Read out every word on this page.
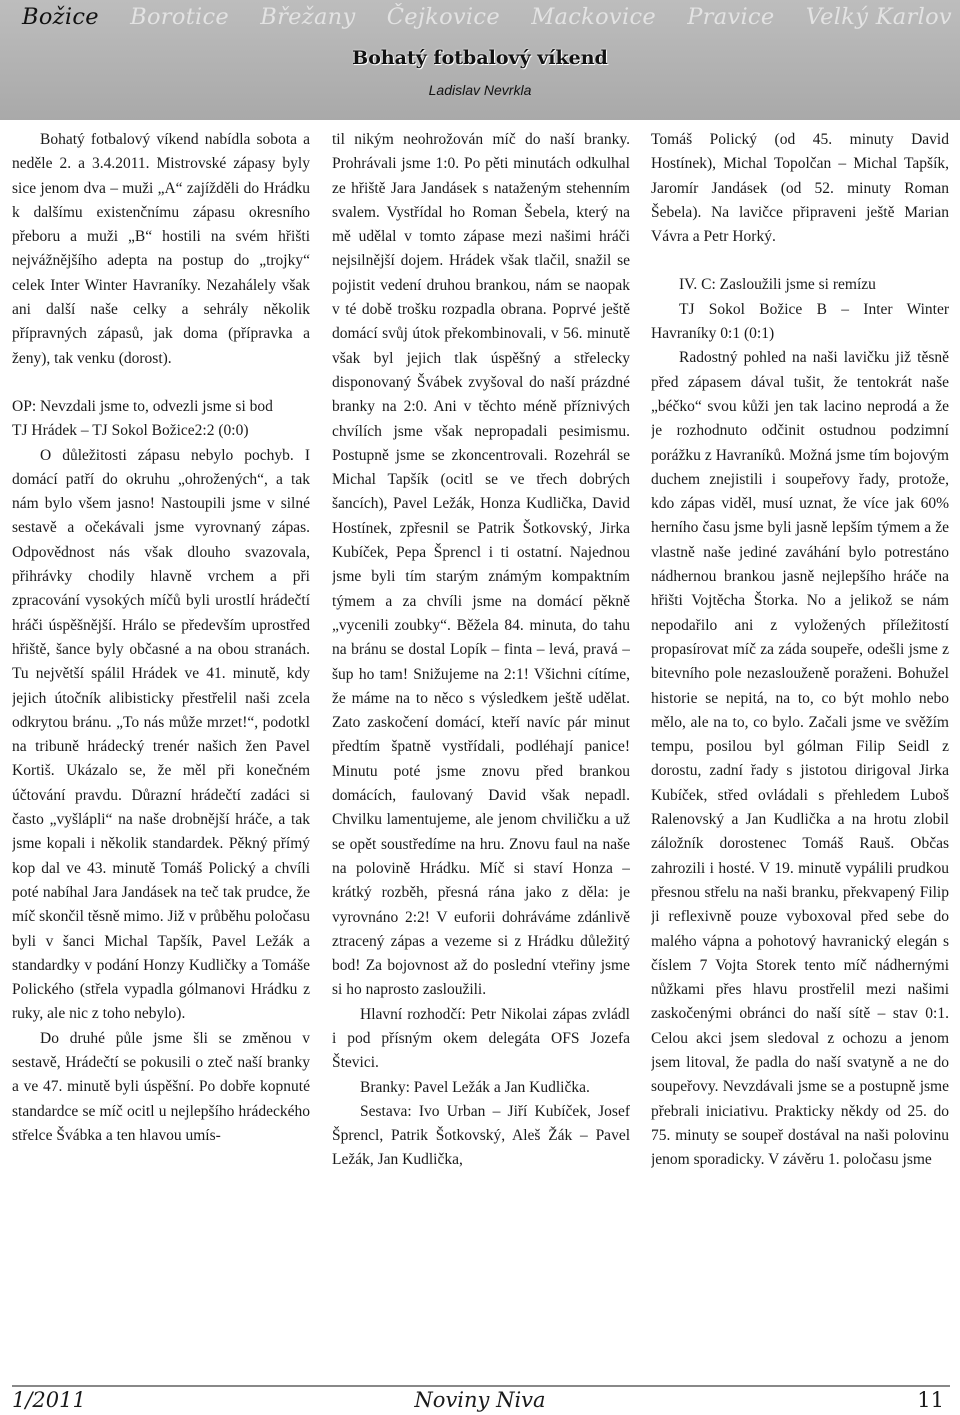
Božice Borotice Břežany Čejkovice Mackovice Pravice Velký Karlov
Bohatý fotbalový víkend
Ladislav Nevrkla

Bohatý fotbalový víkend nabídla sobota a neděle 2. a 3.4.2011. Mistrovské zápasy byly sice jenom dva – muži „A“ zajížděli do Hrádku k dalšímu existenčnímu zápasu okresního přeboru a muži „B“ hostili na svém hřišti nejvážnějšího adepta na postup do „trojky“ celek Inter Winter Havraníky. Nezahálely však ani další naše celky a sehrály několik přípravných zápasů, jak doma (přípravka a ženy), tak venku (dorost).

OP: Nevzdali jsme to, odvezli jsme si bod

TJ Hrádek – TJ Sokol Božice2:2 (0:0)

O důležitosti zápasu nebylo pochyb. I domácí patří do okruhu „ohrožených“, a tak nám bylo všem jasno! Nastoupili jsme v silné sestavě a očekávali jsme vyrovnaný zápas. Odpovědnost nás však dlouho svazovala, přihrávky chodily hlavně vrchem a při zpracování vysokých míčů byli urostlí hrádečtí hráči úspěšnější. Hrálo se především uprostřed hřiště, šance byly občasné a na obou stranách. Tu největší spálil Hrádek ve 41. minutě, kdy jejich útočník alibisticky přestřelil naši zcela odkrytou bránu. „To nás může mrzet!“, podotkl na tribuně hrádecký trenér našich žen Pavel Kortiš. Ukázalo se, že měl při konečném účtování pravdu. Důrazní hrádečtí zadáci si často „vyšlápli“ na naše drobnější hráče, a tak jsme kopali i několik standardek. Pěkný přímý kop dal ve 43. minutě Tomáš Polický a chvíli poté nabíhal Jara Jandásek na teč tak prudce, že míč skončil těsně mimo. Již v průběhu poločasu byli v šanci Michal Tapšík, Pavel Ležák a standardky v podání Honzy Kudličky a Tomáše Polického (střela vypadla gólmanovi Hrádku z ruky, ale nic z toho nebylo).

Do druhé půle jsme šli se změnou v sestavě, Hrádečtí se pokusili o zteč naší branky a ve 47. minutě byli úspěšní. Po dobře kopnuté standardce se míč ocitl u nejlepšího hrádeckého střelce Švábka a ten hlavou umís-

til nikým neohrožován míč do naší branky. Prohrávali jsme 1:0. Po pěti minutách odkulhal ze hřiště Jara Jandásek s nataženým stehenním svalem. Vystřídal ho Roman Šebela, který na mě udělal v tomto zápase mezi našimi hráči nejsilnější dojem. Hrádek však tlačil, snažil se pojistit vedení druhou brankou, nám se naopak v té době trošku rozpadla obrana. Poprvé ještě domácí svůj útok překombinovali, v 56. minutě však byl jejich tlak úspěšný a střelecky disponovaný Švábek zvyšoval do naší prázdné branky na 2:0. Ani v těchto méně příznivých chvílích jsme však nepropadali pesimismu. Postupně jsme se zkoncentrovali. Rozehrál se Michal Tapšík (ocitl se ve třech dobrých šancích), Pavel Ležák, Honza Kudlička, David Hostínek, zpřesnil se Patrik Šotkovský, Jirka Kubíček, Pepa Šprencl i ti ostatní. Najednou jsme byli tím starým známým kompaktním týmem a za chvíli jsme na domácí pěkně „vycenili zoubky“. Běžela 84. minuta, do tahu na bránu se dostal Lopík – finta – levá, pravá – šup ho tam! Snižujeme na 2:1! Všichni cítíme, že máme na to něco s výsledkem ještě udělat. Zato zaskočení domácí, kteří navíc pár minut předtím špatně vystřídali, podléhají panice! Minutu poté jsme znovu před brankou domácích, faulovaný David však nepadl. Chvilku lamentujeme, ale jenom chviličku a už se opět soustředíme na hru. Znovu faul na naše na polovině Hrádku. Míč si staví Honza – krátký rozběh, přesná rána jako z děla: je vyrovnáno 2:2! V euforii dohráváme zdánlivě ztracený zápas a vezeme si z Hrádku důležitý bod! Za bojovnost až do poslední vteřiny jsme si ho naprosto zasloužili.

Hlavní rozhodčí: Petr Nikolai zápas zvládl i pod přísným okem delegáta OFS Jozefa Števici.

Branky: Pavel Ležák a Jan Kudlička.

Sestava: Ivo Urban – Jiří Kubíček, Josef Šprencl, Patrik Šotkovský, Aleš Žák – Pavel Ležák, Jan Kudlička,

Tomáš Polický (od 45. minuty David Hostínek), Michal Topolčan – Michal Tapšík, Jaromír Jandásek (od 52. minuty Roman Šebela). Na lavičce připraveni ještě Marian Vávra a Petr Horký.

IV. C: Zasloužili jsme si remízu

TJ Sokol Božice B – Inter Winter Havraníky 0:1 (0:1)

Radostný pohled na naši lavičku již těsně před zápasem dával tušit, že tentokrát naše „béčko“ svou kůži jen tak lacino neprodá a že je rozhodnuto odčinit ostudnou podzimní porážku z Havraníků. Možná jsme tím bojovým duchem znejistili i soupeřovy řady, protože, kdo zápas viděl, musí uznat, že více jak 60% herního času jsme byli jasně lepším týmem a že vlastně naše jediné zaváhání bylo potrestáno nádhernou brankou jasně nejlepšího hráče na hřišti Vojtěcha Štorka. No a jelikož se nám nepodařilo ani z vyložených příležitostí propasírovat míč za záda soupeře, odešli jsme z bitevního pole nezaslouženě poraženi. Bohužel historie se nepitá, na to, co být mohlo nebo mělo, ale na to, co bylo. Začali jsme ve svěžím tempu, posilou byl gólman Filip Seidl z dorostu, zadní řady s jistotou dirigoval Jirka Kubíček, střed ovládali s přehledem Luboš Ralenovský a Jan Kudlička a na hrotu zlobil záložník dorostenec Tomáš Rauš. Občas zahrozili i hosté. V 19. minutě vypálili prudkou přesnou střelu na naši branku, překvapený Filip ji reflexivně pouze vyboxoval před sebe do malého vápna a pohotový havranický elegán s číslem 7 Vojta Storek tento míč nádhernými nůžkami přes hlavu prostřelil mezi našimi zaskočenými obránci do naší sítě – stav 0:1. Celou akci jsem sledoval z ochozu a jenom jsem litoval, že padla do naší svatyně a ne do soupeřovy. Nevzdávali jsme se a postupně jsme přebrali iniciativu. Prakticky někdy od 25. do 75. minuty se soupeř dostával na naši polovinu jenom sporadicky. V závěru 1. poločasu jsme

1/2011	Noviny Niva	11
